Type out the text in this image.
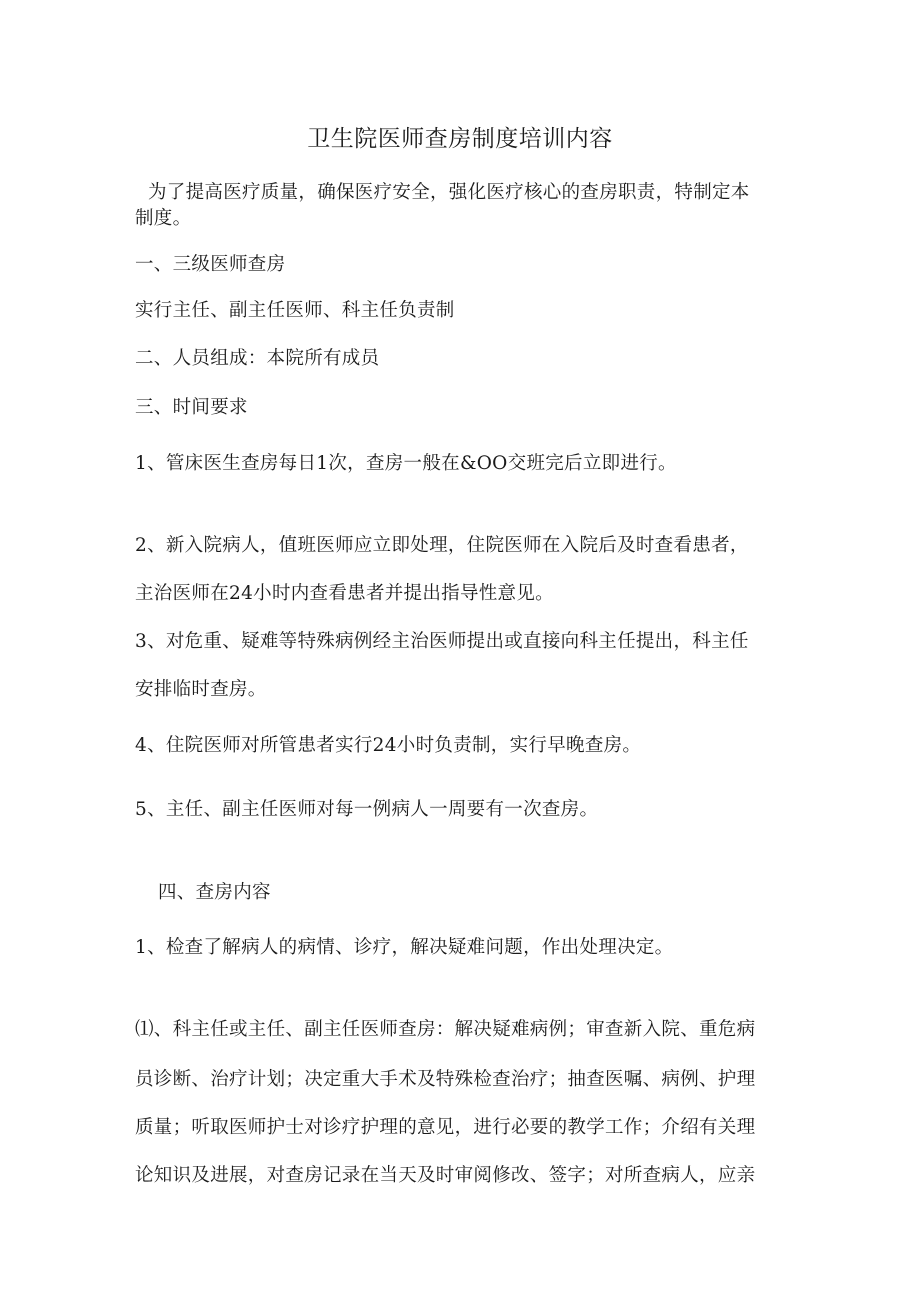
卫生院医师查房制度培训内容
为了提高医疗质量，确保医疗安全，强化医疗核心的查房职责，特制定本
制度。
一、三级医师查房
实行主任、副主任医师、科主任负责制
二、人员组成：本院所有成员
三、时间要求
1、管床医生查房每日1次，查房一般在&OO交班完后立即进行。
2、新入院病人，值班医师应立即处理，住院医师在入院后及时查看患者，
主治医师在24小时内查看患者并提出指导性意见。
3、对危重、疑难等特殊病例经主治医师提出或直接向科主任提出，科主任
安排临时查房。
4、住院医师对所管患者实行24小时负责制，实行早晚查房。
5、主任、副主任医师对每一例病人一周要有一次查房。
四、查房内容
1、检查了解病人的病情、诊疗，解决疑难问题，作出处理决定。
⑴、科主任或主任、副主任医师查房：解决疑难病例；审查新入院、重危病
员诊断、治疗计划；决定重大手术及特殊检查治疗；抽查医嘱、病例、护理
质量；听取医师护士对诊疗护理的意见，进行必要的教学工作；介绍有关理
论知识及进展，对查房记录在当天及时审阅修改、签字；对所查病人，应亲
